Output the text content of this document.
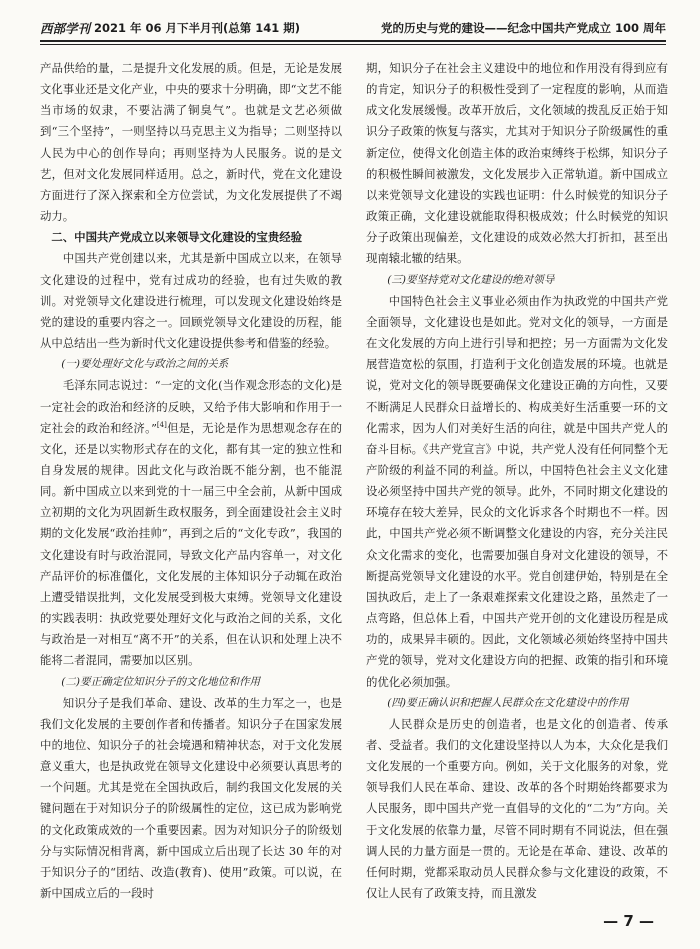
西部学刊 2021 年 06 月下半月刊(总第 141 期)	党的历史与党的建设——纪念中国共产党成立 100 周年

产品供给的量，二是提升文化发展的质。但是，无论是发展文化事业还是文化产业，中央的要求十分明确，即“文艺不能当市场的奴隶，不要沾满了铜臭气”。也就是文艺必须做到“三个坚持”，一则坚持以马克思主义为指导；二则坚持以人民为中心的创作导向；再则坚持为人民服务。说的是文艺，但对文化发展同样适用。总之，新时代，党在文化建设方面进行了深入探索和全方位尝试，为文化发展提供了不竭动力。

二、中国共产党成立以来领导文化建设的宝贵经验

中国共产党创建以来，尤其是新中国成立以来，在领导文化建设的过程中，党有过成功的经验，也有过失败的教训。对党领导文化建设进行梳理，可以发现文化建设始终是党的建设的重要内容之一。回顾党领导文化建设的历程，能从中总结出一些为新时代文化建设提供参考和借鉴的经验。

(一)要处理好文化与政治之间的关系

毛泽东同志说过：“一定的文化(当作观念形态的文化)是一定社会的政治和经济的反映，又给予伟大影响和作用于一定社会的政治和经济。”[4]但是，无论是作为思想观念存在的文化，还是以实物形式存在的文化，都有其一定的独立性和自身发展的规律。因此文化与政治既不能分割，也不能混同。新中国成立以来到党的十一届三中全会前，从新中国成立初期的文化为巩固新生政权服务，到全面建设社会主义时期的文化发展“政治挂帅”，再到之后的“文化专政”，我国的文化建设有时与政治混同，导致文化产品内容单一，对文化产品评价的标准僵化，文化发展的主体知识分子动辄在政治上遭受错误批判，文化发展受到极大束缚。党领导文化建设的实践表明：执政党要处理好文化与政治之间的关系，文化与政治是一对相互“离不开”的关系，但在认识和处理上决不能将二者混同，需要加以区别。

(二)要正确定位知识分子的文化地位和作用

知识分子是我们革命、建设、改革的生力军之一，也是我们文化发展的主要创作者和传播者。知识分子在国家发展中的地位、知识分子的社会境遇和精神状态，对于文化发展意义重大，也是执政党在领导文化建设中必须要认真思考的一个问题。尤其是党在全国执政后，制约我国文化发展的关键问题在于对知识分子的阶级属性的定位，这已成为影响党的文化政策成效的一个重要因素。因为对知识分子的阶级划分与实际情况相背离，新中国成立后出现了长达 30 年的对于知识分子的“团结、改造(教育)、使用”政策。可以说，在新中国成立后的一段时

期，知识分子在社会主义建设中的地位和作用没有得到应有的肯定，知识分子的积极性受到了一定程度的影响，从而造成文化发展缓慢。改革开放后，文化领域的拨乱反正始于知识分子政策的恢复与落实，尤其对于知识分子阶级属性的重新定位，使得文化创造主体的政治束缚终于松绑，知识分子的积极性瞬间被激发，文化发展步入正常轨道。新中国成立以来党领导文化建设的实践也证明：什么时候党的知识分子政策正确，文化建设就能取得积极成效；什么时候党的知识分子政策出现偏差，文化建设的成效必然大打折扣，甚至出现南辕北辙的结果。

(三)要坚持党对文化建设的绝对领导

中国特色社会主义事业必须由作为执政党的中国共产党全面领导，文化建设也是如此。党对文化的领导，一方面是在文化发展的方向上进行引导和把控；另一方面需为文化发展营造宽松的氛围，打造利于文化创造发展的环境。也就是说，党对文化的领导既要确保文化建设正确的方向性，又要不断满足人民群众日益增长的、构成美好生活重要一环的文化需求，因为人们对美好生活的向往，就是中国共产党人的奋斗目标。《共产党宣言》中说，共产党人没有任何同整个无产阶级的利益不同的利益。所以，中国特色社会主义文化建设必须坚持中国共产党的领导。此外，不同时期文化建设的环境存在较大差异，民众的文化诉求各个时期也不一样。因此，中国共产党必须不断调整文化建设的内容，充分关注民众文化需求的变化，也需要加强自身对文化建设的领导，不断提高党领导文化建设的水平。党自创建伊始，特别是在全国执政后，走上了一条艰难探索文化建设之路，虽然走了一点弯路，但总体上看，中国共产党开创的文化建设历程是成功的，成果异丰硕的。因此，文化领域必须始终坚持中国共产党的领导，党对文化建设方向的把握、政策的指引和环境的优化必须加强。

(四)要正确认识和把握人民群众在文化建设中的作用

人民群众是历史的创造者，也是文化的创造者、传承者、受益者。我们的文化建设坚持以人为本，大众化是我们文化发展的一个重要方向。例如，关于文化服务的对象，党领导我们人民在革命、建设、改革的各个时期始终都要求为人民服务，即中国共产党一直倡导的文化的“二为”方向。关于文化发展的依靠力量，尽管不同时期有不同说法，但在强调人民的力量方面是一贯的。无论是在革命、建设、改革的任何时期，党都采取动员人民群众参与文化建设的政策，不仅让人民有了政策支持，而且激发

— 7 —
